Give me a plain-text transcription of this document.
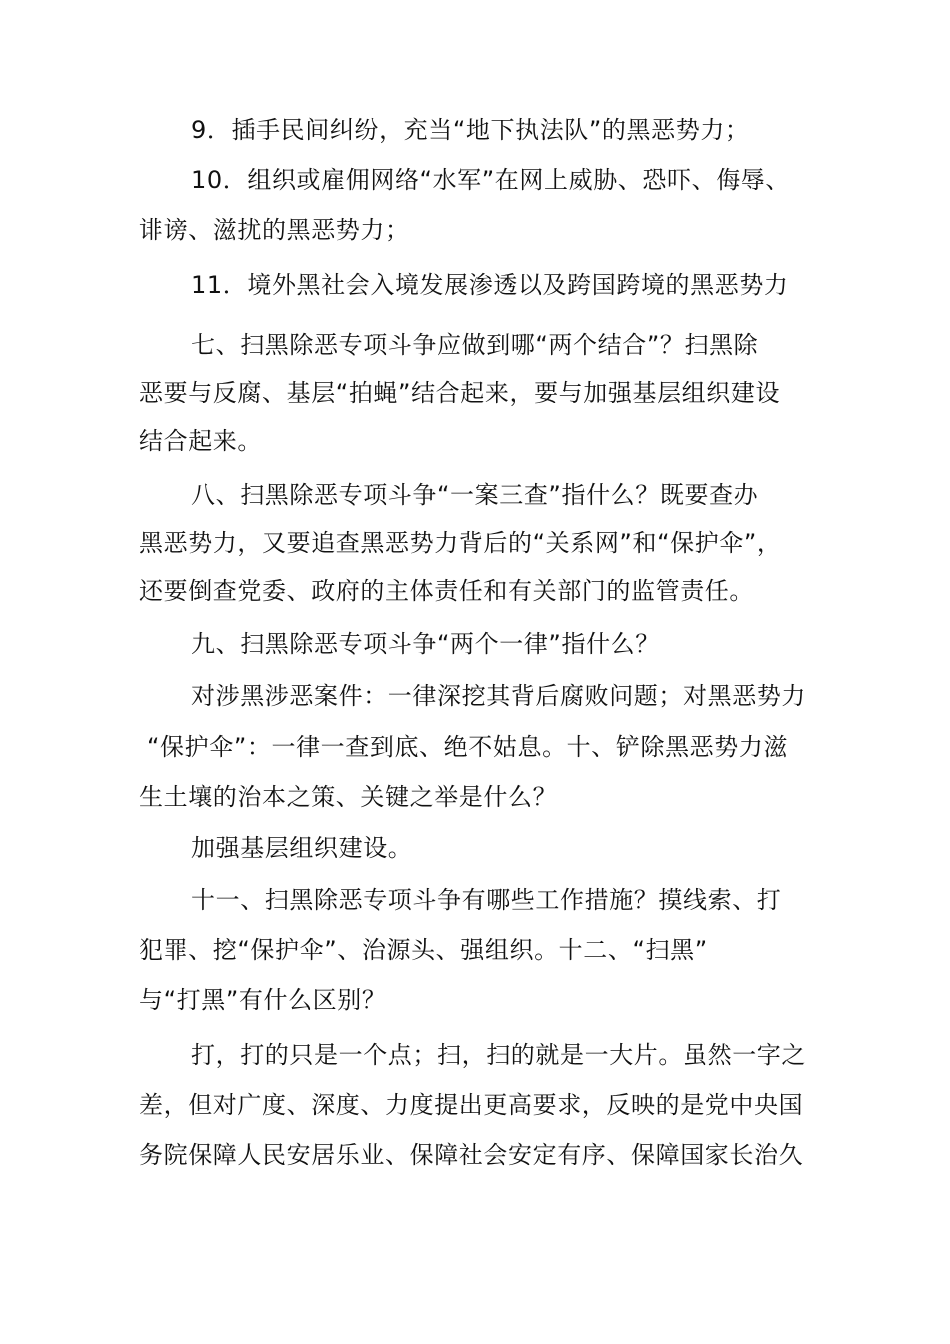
9．插手民间纠纷，充当“地下执法队”的黑恶势力；
10．组织或雇佣网络“水军”在网上威胁、恐吓、侮辱、
诽谤、滋扰的黑恶势力；
11．境外黑社会入境发展渗透以及跨国跨境的黑恶势力
七、扫黑除恶专项斗争应做到哪“两个结合”？扫黑除
恶要与反腐、基层“拍蝇”结合起来，要与加强基层组织建设
结合起来。
八、扫黑除恶专项斗争“一案三查”指什么？既要查办
黑恶势力，又要追查黑恶势力背后的“关系网”和“保护伞”，
还要倒查党委、政府的主体责任和有关部门的监管责任。
九、扫黑除恶专项斗争“两个一律”指什么？
对涉黑涉恶案件：一律深挖其背后腐败问题；对黑恶势力
“保护伞”：一律一查到底、绝不姑息。十、铲除黑恶势力滋
生土壤的治本之策、关键之举是什么？
加强基层组织建设。
十一、扫黑除恶专项斗争有哪些工作措施？摸线索、打
犯罪、挖“保护伞”、治源头、强组织。十二、“扫黑”
与“打黑”有什么区别？
打，打的只是一个点；扫，扫的就是一大片。虽然一字之
差，但对广度、深度、力度提出更高要求，反映的是党中央国
务院保障人民安居乐业、保障社会安定有序、保障国家长治久
